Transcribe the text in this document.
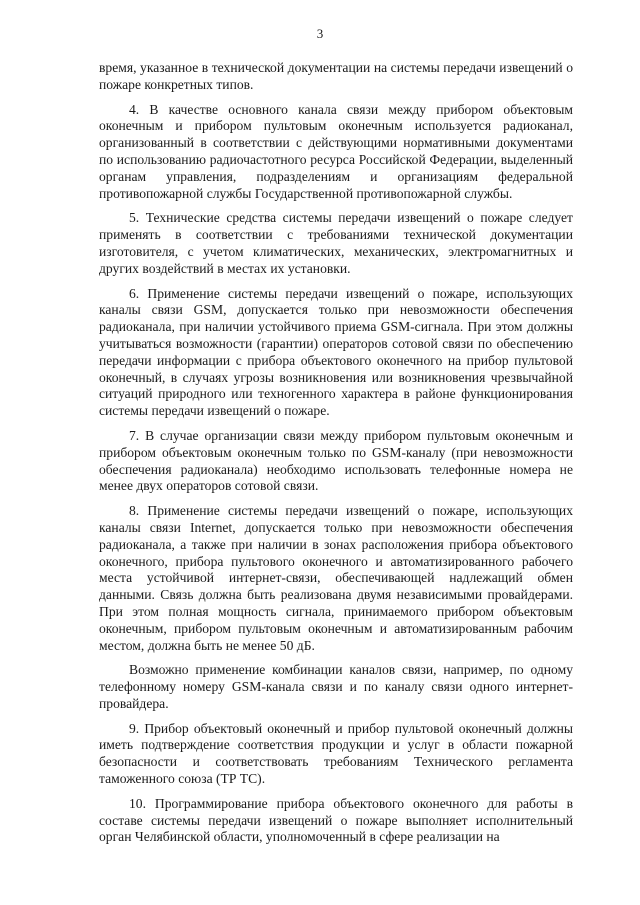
3

время, указанное в технической документации на системы передачи извещений о пожаре конкретных типов.

4. В качестве основного канала связи между прибором объектовым оконечным и прибором пультовым оконечным используется радиоканал, организованный в соответствии с действующими нормативными документами по использованию радиочастотного ресурса Российской Федерации, выделенный органам управления, подразделениям и организациям федеральной противопожарной службы Государственной противопожарной службы.

5. Технические средства системы передачи извещений о пожаре следует применять в соответствии с требованиями технической документации изготовителя, с учетом климатических, механических, электромагнитных и других воздействий в местах их установки.

6. Применение системы передачи извещений о пожаре, использующих каналы связи GSM, допускается только при невозможности обеспечения радиоканала, при наличии устойчивого приема GSM-сигнала. При этом должны учитываться возможности (гарантии) операторов сотовой связи по обеспечению передачи информации с прибора объектового оконечного на прибор пультовой оконечный, в случаях угрозы возникновения или возникновения чрезвычайной ситуаций природного или техногенного характера в районе функционирования системы передачи извещений о пожаре.

7. В случае организации связи между прибором пультовым оконечным и прибором объектовым оконечным только по GSM-каналу (при невозможности обеспечения радиоканала) необходимо использовать телефонные номера не менее двух операторов сотовой связи.

8. Применение системы передачи извещений о пожаре, использующих каналы связи Internet, допускается только при невозможности обеспечения радиоканала, а также при наличии в зонах расположения прибора объектового оконечного, прибора пультового оконечного и автоматизированного рабочего места устойчивой интернет-связи, обеспечивающей надлежащий обмен данными. Связь должна быть реализована двумя независимыми провайдерами. При этом полная мощность сигнала, принимаемого прибором объектовым оконечным, прибором пультовым оконечным и автоматизированным рабочим местом, должна быть не менее 50 дБ.

Возможно применение комбинации каналов связи, например, по одному телефонному номеру GSM-канала связи и по каналу связи одного интернет-провайдера.

9. Прибор объектовый оконечный и прибор пультовой оконечный должны иметь подтверждение соответствия продукции и услуг в области пожарной безопасности и соответствовать требованиям Технического регламента таможенного союза (ТР ТС).

10. Программирование прибора объектового оконечного для работы в составе системы передачи извещений о пожаре выполняет исполнительный орган Челябинской области, уполномоченный в сфере реализации на
